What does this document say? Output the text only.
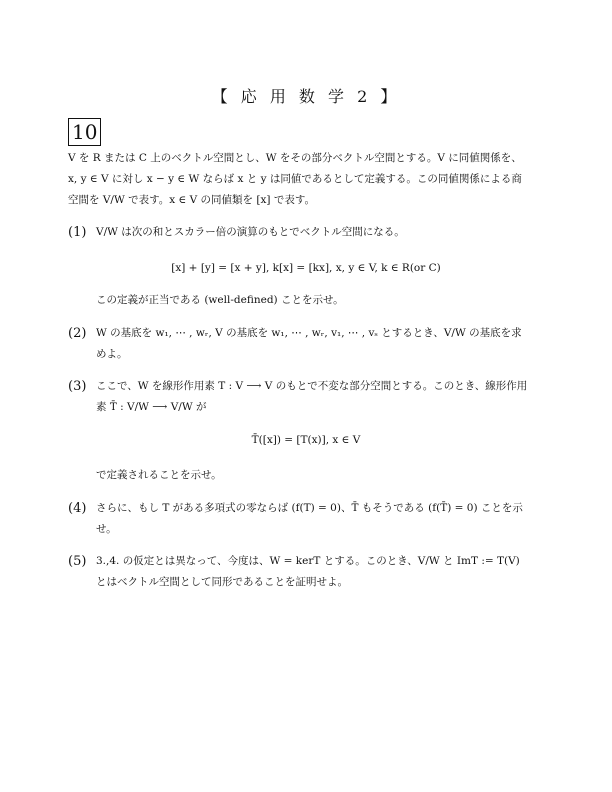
【 応 用 数 学 2 】
10
V を R または C 上のベクトル空間とし、W をその部分ベクトル空間とする。V に同値関係を、x, y ∈ V に対し x − y ∈ W ならば x と y は同値であるとして定義する。この同値関係による商空間を V/W で表す。x ∈ V の同値類を [x] で表す。
(1) V/W は次の和とスカラー倍の演算のもとでベクトル空間になる。
[x] + [y] = [x + y], k[x] = [kx], x, y ∈ V, k ∈ R(or C)
この定義が正当である (well-defined) ことを示せ。
(2) W の基底を w₁, ⋯ , wᵣ, V の基底を w₁, ⋯ , wᵣ, v₁, ⋯ , vₛ とするとき、V/W の基底を求めよ。
(3) ここで、W を線形作用素 T : V ⟶ V のもとで不変な部分空間とする。このとき、線形作用素 T̄ : V/W ⟶ V/W が
T̄([x]) = [T(x)], x ∈ V
で定義されることを示せ。
(4) さらに、もし T がある多項式の零ならば (f(T) = 0)、T̄ もそうである (f(T̄) = 0) ことを示せ。
(5) 3.,4. の仮定とは異なって、今度は、W = kerT とする。このとき、V/W と ImT := T(V) とはベクトル空間として同形であることを証明せよ。
